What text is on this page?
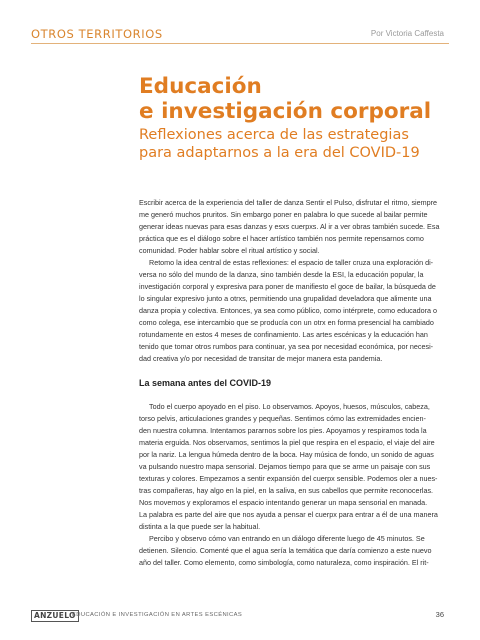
OTROS TERRITORIOS	Por Victoria Caffesta
Educación
e investigación corporal
Reflexiones acerca de las estrategias
para adaptarnos a la era del COVID-19
Escribir acerca de la experiencia del taller de danza Sentir el Pulso, disfrutar el ritmo, siempre
me generó muchos pruritos. Sin embargo poner en palabra lo que sucede al bailar permite
generar ideas nuevas para esas danzas y esxs cuerpxs. Al ir a ver obras también sucede. Esa
práctica que es el diálogo sobre el hacer artístico también nos permite repensarnos como
comunidad. Poder hablar sobre el ritual artístico y social.
Retomo la idea central de estas reflexiones: el espacio de taller cruza una exploración di-
versa no sólo del mundo de la danza, sino también desde la ESI, la educación popular, la
investigación corporal y expresiva para poner de manifiesto el goce de bailar, la búsqueda de
lo singular expresivo junto a otrxs, permitiendo una grupalidad develadora que alimente una
danza propia y colectiva. Entonces, ya sea como público, como intérprete, como educadora o
como colega, ese intercambio que se producía con un otrx en forma presencial ha cambiado
rotundamente en estos 4 meses de confinamiento. Las artes escénicas y la educación han
tenido que tomar otros rumbos para continuar, ya sea por necesidad económica, por necesi-
dad creativa y/o por necesidad de transitar de mejor manera esta pandemia.
La semana antes del COVID-19
Todo el cuerpo apoyado en el piso. Lo observamos. Apoyos, huesos, músculos, cabeza,
torso pelvis, articulaciones grandes y pequeñas. Sentimos cómo las extremidades encien-
den nuestra columna. Intentamos pararnos sobre los pies. Apoyamos y respiramos toda la
materia erguida. Nos observamos, sentimos la piel que respira en el espacio, el viaje del aire
por la nariz. La lengua húmeda dentro de la boca. Hay música de fondo, un sonido de aguas
va pulsando nuestro mapa sensorial. Dejamos tiempo para que se arme un paisaje con sus
texturas y colores. Empezamos a sentir expansión del cuerpx sensible. Podemos oler a nues-
tras compañeras, hay algo en la piel, en la saliva, en sus cabellos que permite reconocerlas.
Nos movemos y exploramos el espacio intentando generar un mapa sensorial en manada.
La palabra es parte del aire que nos ayuda a pensar el cuerpx para entrar a él de una manera
distinta a la que puede ser la habitual.
Percibo y observo cómo van entrando en un diálogo diferente luego de 45 minutos. Se
detienen. Silencio. Comenté que el agua sería la temática que daría comienzo a este nuevo
año del taller. Como elemento, como simbología, como naturaleza, como inspiración. El rit-
ANZUELO
EDUCACIÓN E INVESTIGACIÓN EN ARTES ESCÉNICAS	36
